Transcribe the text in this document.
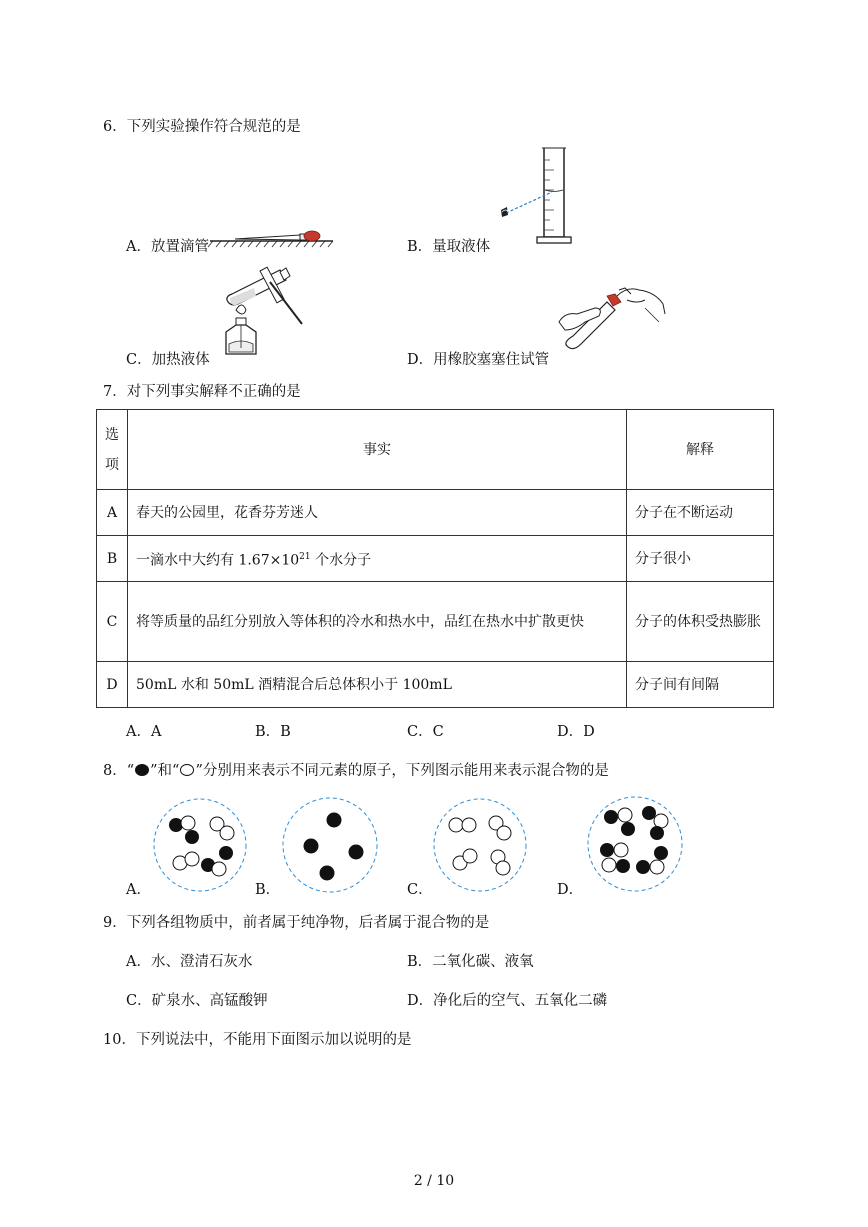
6．下列实验操作符合规范的是
A．放置滴管	B．量取液体
C．加热液体	D．用橡胶塞塞住试管
7．对下列事实解释不正确的是
选项	事实	解释
A	春天的公园里，花香芬芳迷人	分子在不断运动
B	一滴水中大约有 $1.67\times 10^{21}$ 个水分子	分子很小
C	将等质量的品红分别放入等体积的冷水和热水中，品红在热水中扩散更快	分子的体积受热膨胀
D	50mL 水和 50mL 酒精混合后总体积小于 100mL	分子间有间隔
A．A	B．B	C．C	D．D
8．“ ”和“ ”分别用来表示不同元素的原子，下列图示能用来表示混合物的是
A．	B．	C．	D．
9．下列各组物质中，前者属于纯净物，后者属于混合物的是
A．水、澄清石灰水	B．二氧化碳、液氧
C．矿泉水、高锰酸钾	D．净化后的空气、五氧化二磷
10．下列说法中，不能用下面图示加以说明的是
2 / 10
